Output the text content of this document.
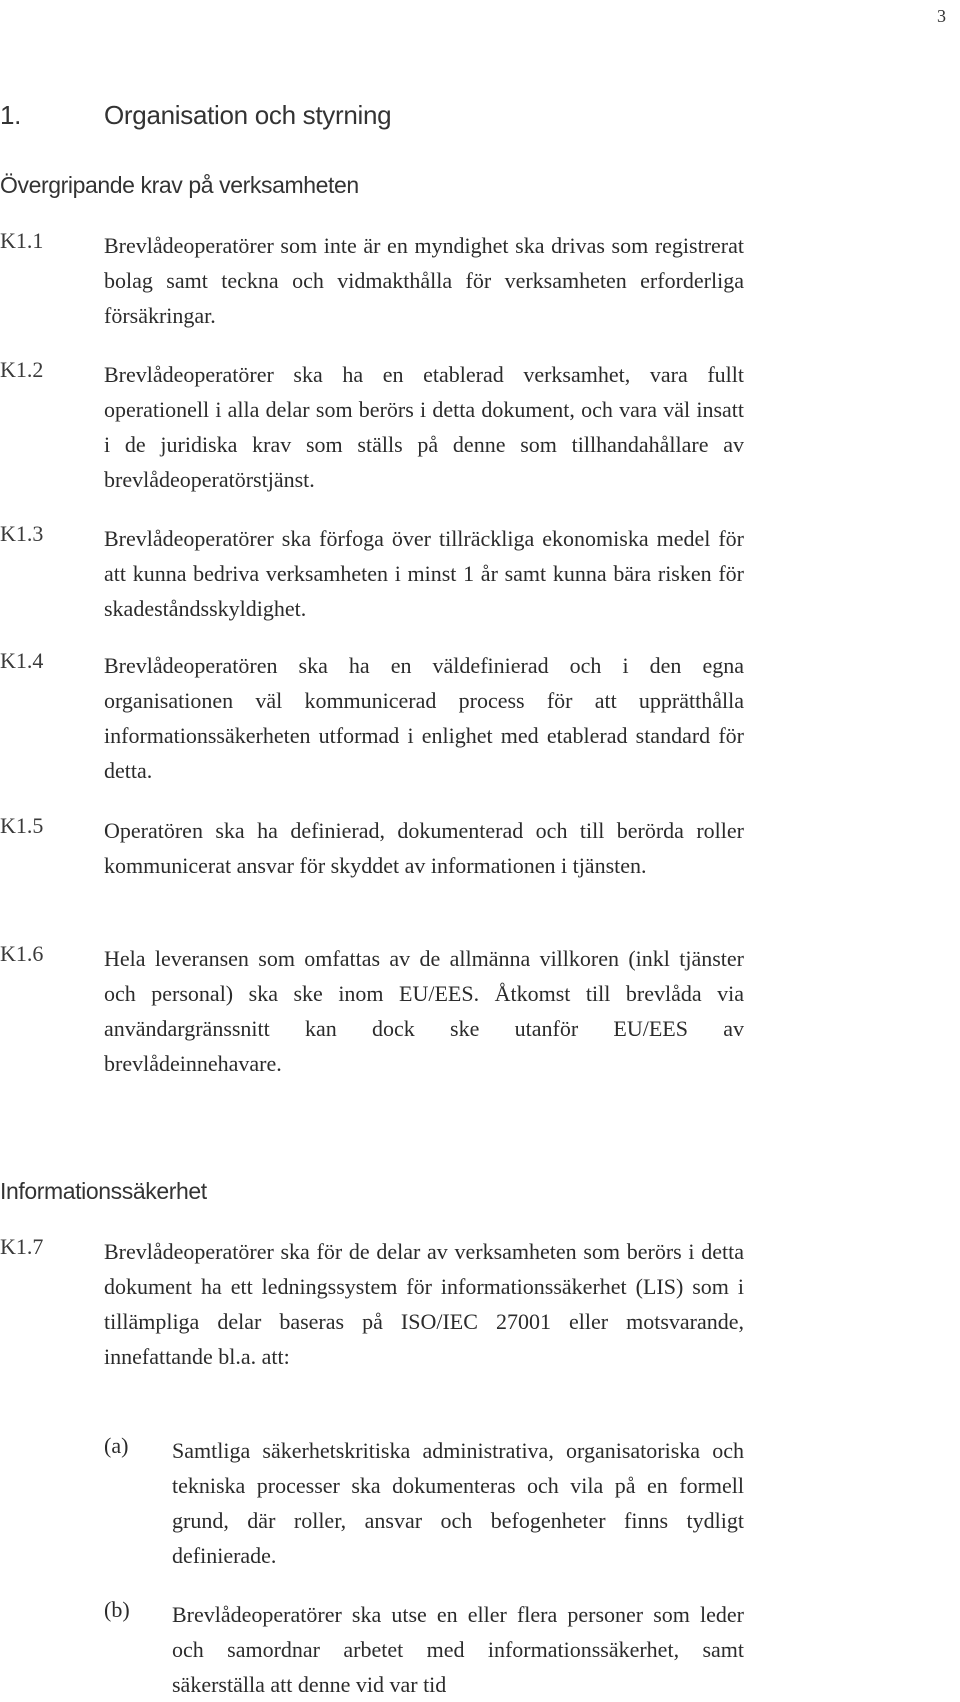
3
1.	Organisation och styrning
Övergripande krav på verksamheten
K1.1	Brevlådeoperatörer som inte är en myndighet ska drivas som registrerat bolag samt teckna och vidmakthålla för verksamheten erforderliga försäkringar.
K1.2	Brevlådeoperatörer ska ha en etablerad verksamhet, vara fullt operationell i alla delar som berörs i detta dokument, och vara väl insatt i de juridiska krav som ställs på denne som tillhandahållare av brevlådeoperatörstjänst.
K1.3	Brevlådeoperatörer ska förfoga över tillräckliga ekonomiska medel för att kunna bedriva verksamheten i minst 1 år samt kunna bära risken för skadeståndsskyldighet.
K1.4	Brevlådeoperatören ska ha en väldefinierad och i den egna organisationen väl kommunicerad process för att upprätthålla informationssäkerheten utformad i enlighet med etablerad standard för detta.
K1.5	Operatören ska ha definierad, dokumenterad och till berörda roller kommunicerat ansvar för skyddet av informationen i tjänsten.
K1.6	Hela leveransen som omfattas av de allmänna villkoren (inkl tjänster och personal) ska ske inom EU/EES. Åtkomst till brevlåda via användargränssnitt kan dock ske utanför EU/EES av brevlådeinnehavare.
Informationssäkerhet
K1.7	Brevlådeoperatörer ska för de delar av verksamheten som berörs i detta dokument ha ett ledningssystem för informationssäkerhet (LIS) som i tillämpliga delar baseras på ISO/IEC 27001 eller motsvarande, innefattande bl.a. att:
(a) Samtliga säkerhetskritiska administrativa, organisatoriska och tekniska processer ska dokumenteras och vila på en formell grund, där roller, ansvar och befogenheter finns tydligt definierade.
(b) Brevlådeoperatörer ska utse en eller flera personer som leder och samordnar arbetet med informationssäkerhet, samt säkerställa att denne vid var tid
